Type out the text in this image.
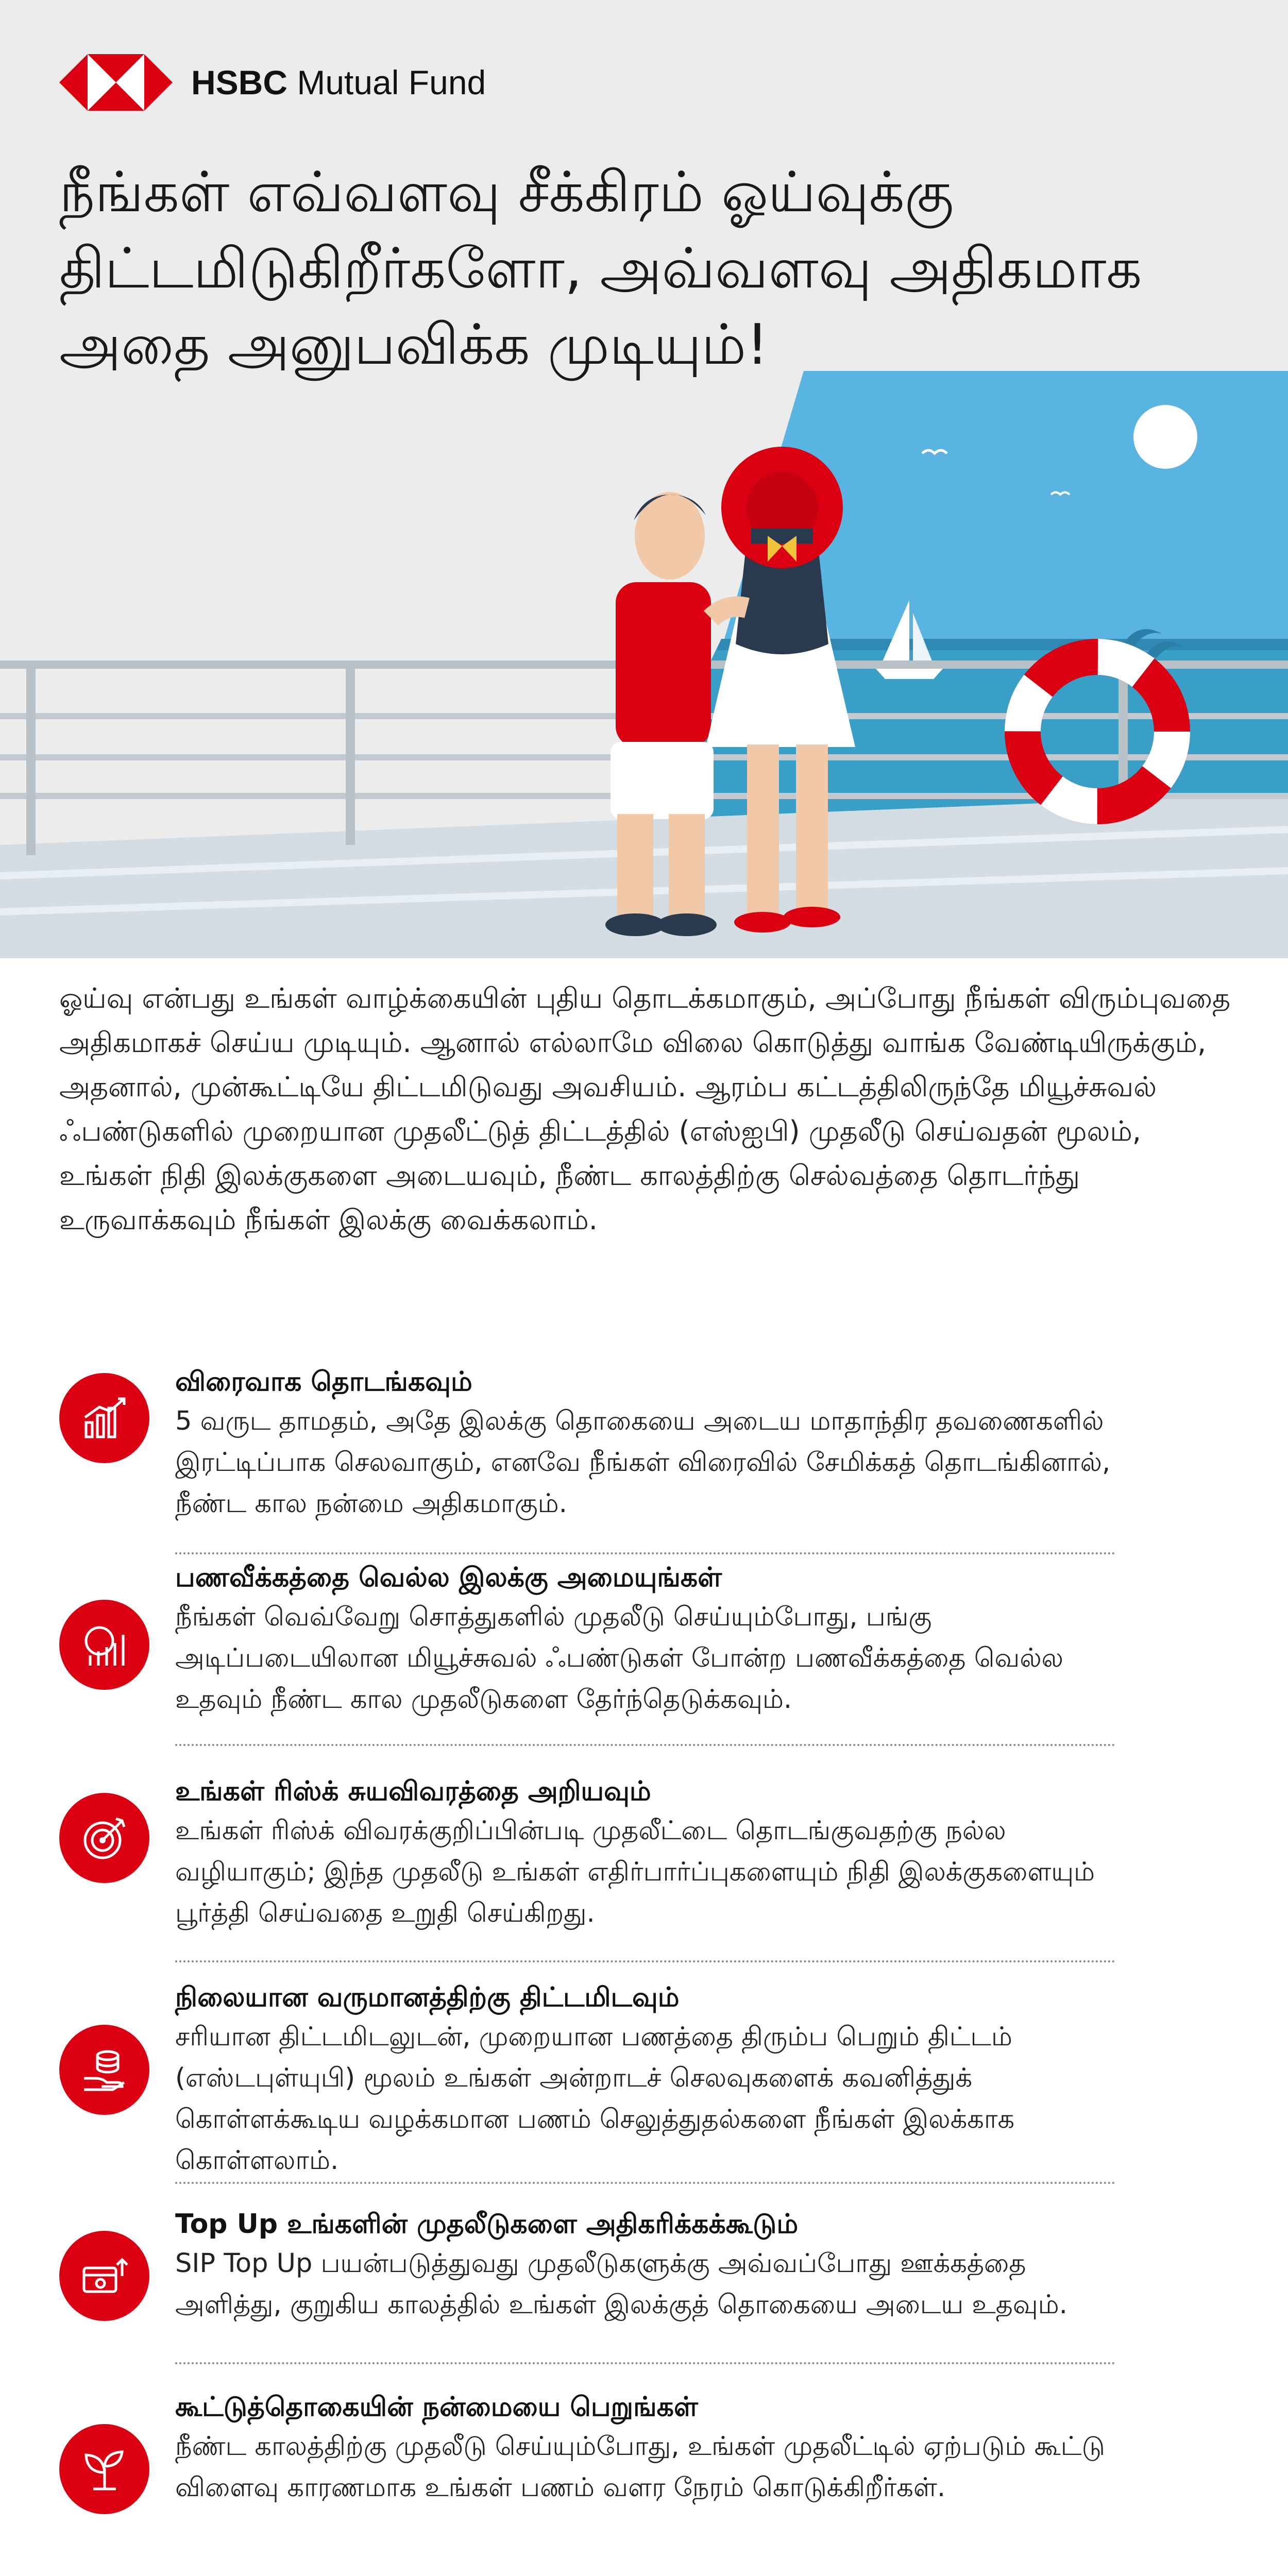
HSBC Mutual Fund
நீங்கள் எவ்வளவு சீக்கிரம் ஓய்வுக்கு திட்டமிடுகிறீர்களோ, அவ்வளவு அதிகமாக அதை அனுபவிக்க முடியும்!

ஓய்வு என்பது உங்கள் வாழ்க்கையின் புதிய தொடக்கமாகும், அப்போது நீங்கள் விரும்புவதை அதிகமாகச் செய்ய முடியும். ஆனால் எல்லாமே விலை கொடுத்து வாங்க வேண்டியிருக்கும், அதனால், முன்கூட்டியே திட்டமிடுவது அவசியம். ஆரம்ப கட்டத்திலிருந்தே மியூச்சுவல் ஃபண்டுகளில் முறையான முதலீட்டுத் திட்டத்தில் (எஸ்ஐபி) முதலீடு செய்வதன் மூலம், உங்கள் நிதி இலக்குகளை அடையவும், நீண்ட காலத்திற்கு செல்வத்தை தொடர்ந்து உருவாக்கவும் நீங்கள் இலக்கு வைக்கலாம்.

விரைவாக தொடங்கவும்

5 வருட தாமதம், அதே இலக்கு தொகையை அடைய மாதாந்திர தவணைகளில் இரட்டிப்பாக செலவாகும், எனவே நீங்கள் விரைவில் சேமிக்கத் தொடங்கினால், நீண்ட கால நன்மை அதிகமாகும்.

பணவீக்கத்தை வெல்ல இலக்கு அமையுங்கள்

நீங்கள் வெவ்வேறு சொத்துகளில் முதலீடு செய்யும்போது, பங்கு அடிப்படையிலான மியூச்சுவல் ஃபண்டுகள் போன்ற பணவீக்கத்தை வெல்ல உதவும் நீண்ட கால முதலீடுகளை தேர்ந்தெடுக்கவும்.

உங்கள் ரிஸ்க் சுயவிவரத்தை அறியவும்

உங்கள் ரிஸ்க் விவரக்குறிப்பின்படி முதலீட்டை தொடங்குவதற்கு நல்ல வழியாகும்; இந்த முதலீடு உங்கள் எதிர்பார்ப்புகளையும் நிதி இலக்குகளையும் பூர்த்தி செய்வதை உறுதி செய்கிறது.

நிலையான வருமானத்திற்கு திட்டமிடவும்

சரியான திட்டமிடலுடன், முறையான பணத்தை திரும்ப பெறும் திட்டம் (எஸ்டபுள்யுபி) மூலம் உங்கள் அன்றாடச் செலவுகளைக் கவனித்துக் கொள்ளக்கூடிய வழக்கமான பணம் செலுத்துதல்களை நீங்கள் இலக்காக கொள்ளலாம்.

Top Up உங்களின் முதலீடுகளை அதிகரிக்கக்கூடும்

SIP Top Up பயன்படுத்துவது முதலீடுகளுக்கு அவ்வப்போது ஊக்கத்தை அளித்து, குறுகிய காலத்தில் உங்கள் இலக்குத் தொகையை அடைய உதவும்.

கூட்டுத்தொகையின் நன்மையை பெறுங்கள்

நீண்ட காலத்திற்கு முதலீடு செய்யும்போது, உங்கள் முதலீட்டில் ஏற்படும் கூட்டு விளைவு காரணமாக உங்கள் பணம் வளர நேரம் கொடுக்கிறீர்கள்.
